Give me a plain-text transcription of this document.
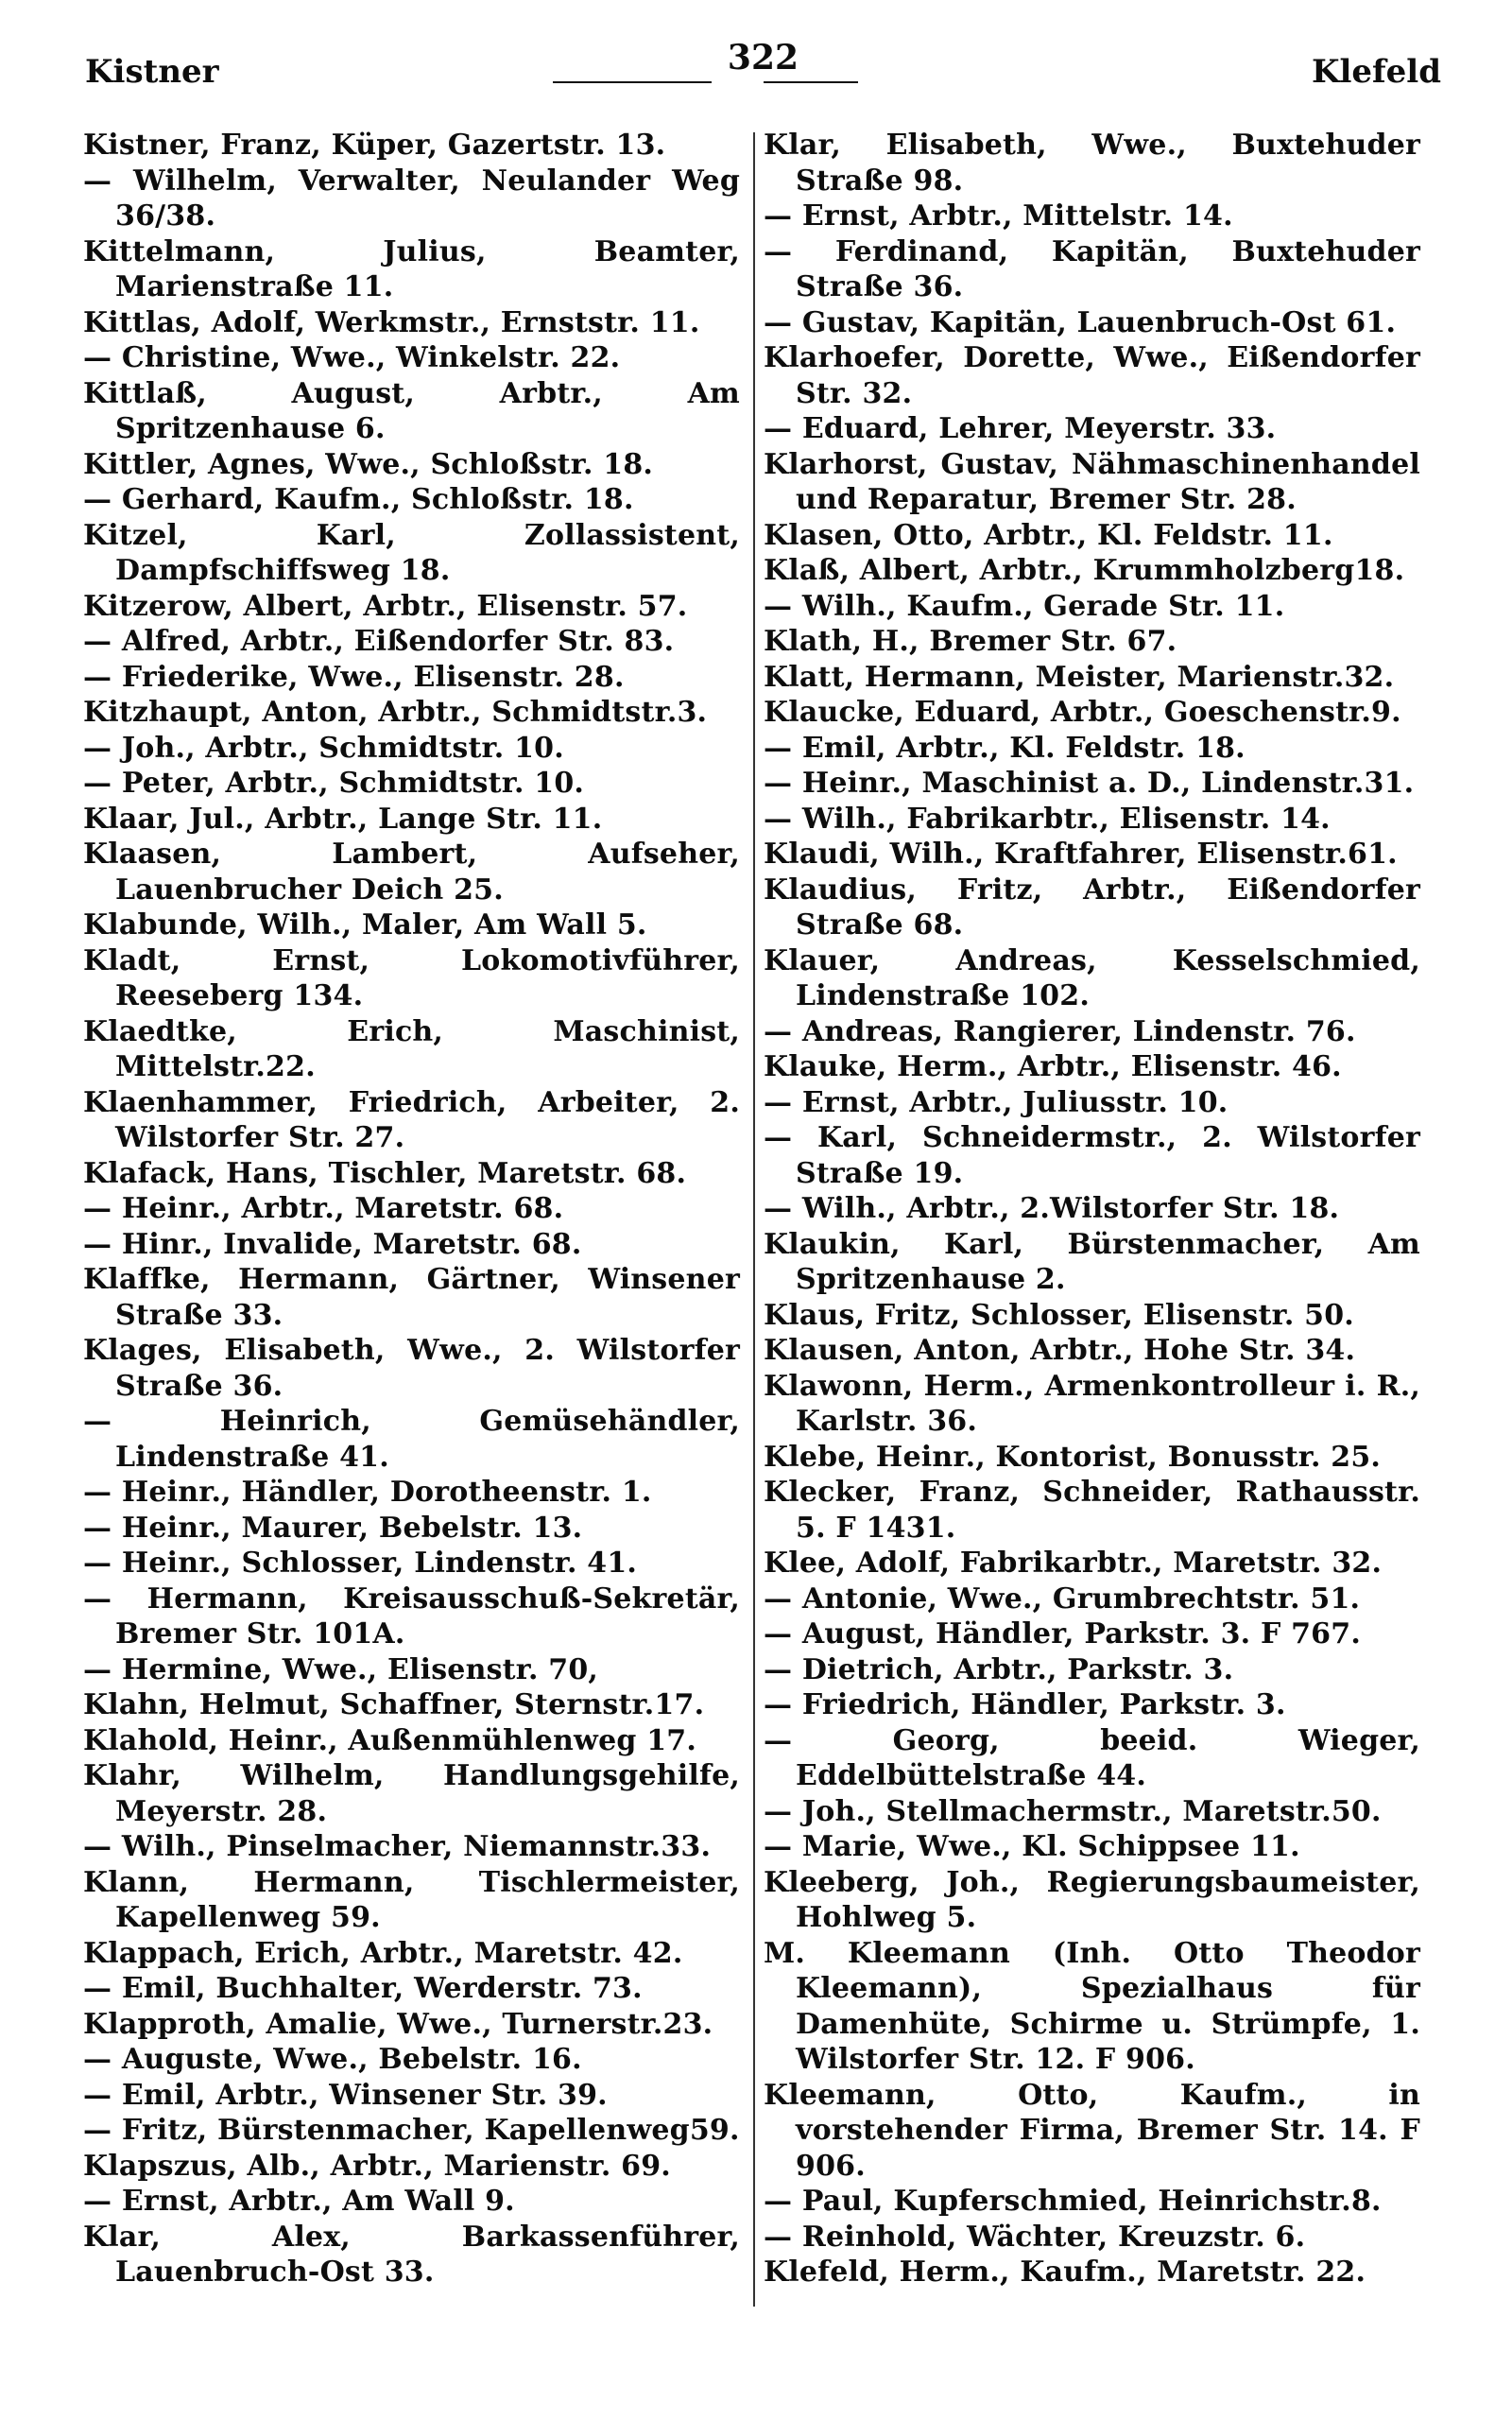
Kistner	322	Klefeld
Kistner, Franz, Küper, Gazertstr. 13.
— Wilhelm, Verwalter, Neulander Weg 36/38.
Kittelmann, Julius, Beamter, Marienstraße 11.
Kittlas, Adolf, Werkmstr., Ernststr. 11.
— Christine, Wwe., Winkelstr. 22.
Kittlaß, August, Arbtr., Am Spritzenhause 6.
Kittler, Agnes, Wwe., Schloßstr. 18.
— Gerhard, Kaufm., Schloßstr. 18.
Kitzel, Karl, Zollassistent, Dampfschiffsweg 18.
Kitzerow, Albert, Arbtr., Elisenstr. 57.
— Alfred, Arbtr., Eißendorfer Str. 83.
— Friederike, Wwe., Elisenstr. 28.
Kitzhaupt, Anton, Arbtr., Schmidtstr.3.
— Joh., Arbtr., Schmidtstr. 10.
— Peter, Arbtr., Schmidtstr. 10.
Klaar, Jul., Arbtr., Lange Str. 11.
Klaasen, Lambert, Aufseher, Lauenbrucher Deich 25.
Klabunde, Wilh., Maler, Am Wall 5.
Kladt, Ernst, Lokomotivführer, Reeseberg 134.
Klaedtke, Erich, Maschinist, Mittelstr.22.
Klaenhammer, Friedrich, Arbeiter, 2. Wilstorfer Str. 27.
Klafack, Hans, Tischler, Maretstr. 68.
— Heinr., Arbtr., Maretstr. 68.
— Hinr., Invalide, Maretstr. 68.
Klaffke, Hermann, Gärtner, Winsener Straße 33.
Klages, Elisabeth, Wwe., 2. Wilstorfer Straße 36.
— Heinrich, Gemüsehändler, Lindenstraße 41.
— Heinr., Händler, Dorotheenstr. 1.
— Heinr., Maurer, Bebelstr. 13.
— Heinr., Schlosser, Lindenstr. 41.
— Hermann, Kreisausschuß-Sekretär, Bremer Str. 101A.
— Hermine, Wwe., Elisenstr. 70,
Klahn, Helmut, Schaffner, Sternstr.17.
Klahold, Heinr., Außenmühlenweg 17.
Klahr, Wilhelm, Handlungsgehilfe, Meyerstr. 28.
— Wilh., Pinselmacher, Niemannstr.33.
Klann, Hermann, Tischlermeister, Kapellenweg 59.
Klappach, Erich, Arbtr., Maretstr. 42.
— Emil, Buchhalter, Werderstr. 73.
Klapproth, Amalie, Wwe., Turnerstr.23.
— Auguste, Wwe., Bebelstr. 16.
— Emil, Arbtr., Winsener Str. 39.
— Fritz, Bürstenmacher, Kapellenweg59.
Klapszus, Alb., Arbtr., Marienstr. 69.
— Ernst, Arbtr., Am Wall 9.
Klar, Alex, Barkassenführer, Lauenbruch-Ost 33.
Klar, Elisabeth, Wwe., Buxtehuder Straße 98.
— Ernst, Arbtr., Mittelstr. 14.
— Ferdinand, Kapitän, Buxtehuder Straße 36.
— Gustav, Kapitän, Lauenbruch-Ost 61.
Klarhoefer, Dorette, Wwe., Eißendorfer Str. 32.
— Eduard, Lehrer, Meyerstr. 33.
Klarhorst, Gustav, Nähmaschinenhandel und Reparatur, Bremer Str. 28.
Klasen, Otto, Arbtr., Kl. Feldstr. 11.
Klaß, Albert, Arbtr., Krummholzberg18.
— Wilh., Kaufm., Gerade Str. 11.
Klath, H., Bremer Str. 67.
Klatt, Hermann, Meister, Marienstr.32.
Klaucke, Eduard, Arbtr., Goeschenstr.9.
— Emil, Arbtr., Kl. Feldstr. 18.
— Heinr., Maschinist a. D., Lindenstr.31.
— Wilh., Fabrikarbtr., Elisenstr. 14.
Klaudi, Wilh., Kraftfahrer, Elisenstr.61.
Klaudius, Fritz, Arbtr., Eißendorfer Straße 68.
Klauer, Andreas, Kesselschmied, Lindenstraße 102.
— Andreas, Rangierer, Lindenstr. 76.
Klauke, Herm., Arbtr., Elisenstr. 46.
— Ernst, Arbtr., Juliusstr. 10.
— Karl, Schneidermstr., 2. Wilstorfer Straße 19.
— Wilh., Arbtr., 2.Wilstorfer Str. 18.
Klaukin, Karl, Bürstenmacher, Am Spritzenhause 2.
Klaus, Fritz, Schlosser, Elisenstr. 50.
Klausen, Anton, Arbtr., Hohe Str. 34.
Klawonn, Herm., Armenkontrolleur i. R., Karlstr. 36.
Klebe, Heinr., Kontorist, Bonusstr. 25.
Klecker, Franz, Schneider, Rathausstr. 5. F 1431.
Klee, Adolf, Fabrikarbtr., Maretstr. 32.
— Antonie, Wwe., Grumbrechtstr. 51.
— August, Händler, Parkstr. 3. F 767.
— Dietrich, Arbtr., Parkstr. 3.
— Friedrich, Händler, Parkstr. 3.
— Georg, beeid. Wieger, Eddelbüttelstraße 44.
— Joh., Stellmachermstr., Maretstr.50.
— Marie, Wwe., Kl. Schippsee 11.
Kleeberg, Joh., Regierungsbaumeister, Hohlweg 5.
M. Kleemann (Inh. Otto Theodor Kleemann), Spezialhaus für Damenhüte, Schirme u. Strümpfe, 1. Wilstorfer Str. 12. F 906.
Kleemann, Otto, Kaufm., in vorstehender Firma, Bremer Str. 14. F 906.
— Paul, Kupferschmied, Heinrichstr.8.
— Reinhold, Wächter, Kreuzstr. 6.
Klefeld, Herm., Kaufm., Maretstr. 22.
